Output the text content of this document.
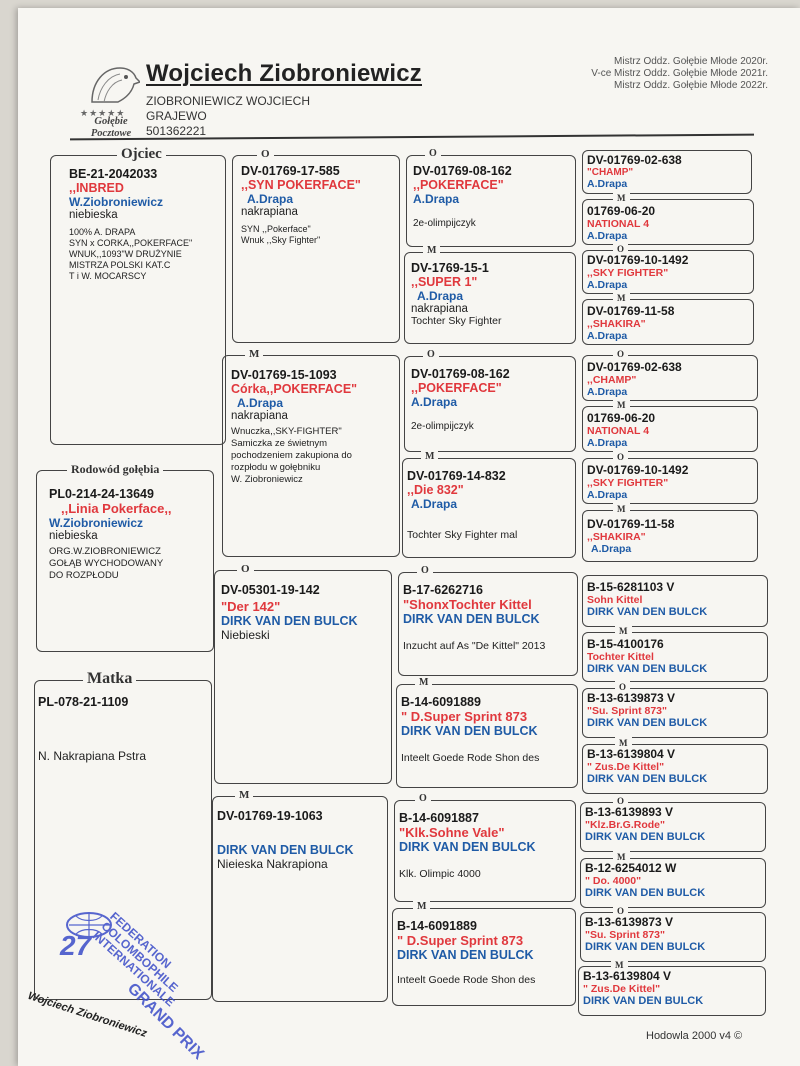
★★★★★
Gołębie Pocztowe
Wojciech Ziobroniewicz
ZIOBRONIEWICZ WOJCIECH
GRAJEWO
501362221
Mistrz Oddz. Gołębie Młode 2020r.
V-ce Mistrz Oddz. Gołębie Młode 2021r.
Mistrz Oddz. Gołębie Młode 2022r.
Ojciec
BE-21-2042033
,,INBRED
W.Ziobroniewicz
niebieska
100% A. DRAPA
SYN x CORKA,,POKERFACE"
WNUK,,1093"W DRUŻYNIE
MISTRZA POLSKI KAT.C
T i W. MOCARSCY
Rodowód gołębia
PL0-214-24-13649
,,Linia Pokerface,,
W.Ziobroniewicz
niebieska
ORG.W.ZIOBRONIEWICZ
GOŁĄB WYCHODOWANY
DO ROZPŁODU
Matka
PL-078-21-1109
N. Nakrapiana Pstra
O
DV-01769-17-585
,,SYN POKERFACE"
A.Drapa
nakrapiana
SYN ,,Pokerface"
Wnuk ,,Sky Fighter"
M
DV-01769-15-1093
Córka,,POKERFACE"
A.Drapa
nakrapiana
Wnuczka,,SKY-FIGHTER"
Samiczka ze świetnym
pochodzeniem zakupiona do
rozpłodu w gołębniku
W. Ziobroniewicz
O
DV-05301-19-142
"Der 142"
DIRK VAN DEN BULCK
Niebieski
M
DV-01769-19-1063
DIRK VAN DEN BULCK
Nieieska Nakrapiona
O
DV-01769-08-162
,,POKERFACE"
A.Drapa
2e-olimpijczyk
M
DV-1769-15-1
,,SUPER 1"
A.Drapa
nakrapiana
Tochter Sky Fighter
O
DV-01769-08-162
,,POKERFACE"
A.Drapa
2e-olimpijczyk
M
DV-01769-14-832
,,Die 832"
A.Drapa
Tochter Sky Fighter mal
O
B-17-6262716
"ShonxTochter Kittel
DIRK VAN DEN BULCK
Inzucht auf As "De Kittel" 2013
M
B-14-6091889
" D.Super Sprint 873
DIRK VAN DEN BULCK
Inteelt Goede Rode Shon des
O
B-14-6091887
"Klk.Sohne Vale"
DIRK VAN DEN BULCK
Klk. Olimpic 4000
M
B-14-6091889
" D.Super Sprint 873
DIRK VAN DEN BULCK
Inteelt Goede Rode Shon des
DV-01769-02-638
"CHAMP"
A.Drapa
M
01769-06-20
NATIONAL 4
A.Drapa
O
DV-01769-10-1492
,,SKY FIGHTER"
A.Drapa
M
DV-01769-11-58
,,SHAKIRA"
A.Drapa
O
DV-01769-02-638
,,CHAMP"
A.Drapa
M
01769-06-20
NATIONAL 4
A.Drapa
O
DV-01769-10-1492
,,SKY FIGHTER"
A.Drapa
M
DV-01769-11-58
,,SHAKIRA"
A.Drapa
B-15-6281103 V
Sohn Kittel
DIRK VAN DEN BULCK
M
B-15-4100176
Tochter Kittel
DIRK VAN DEN BULCK
O
B-13-6139873 V
"Su. Sprint 873"
DIRK VAN DEN BULCK
M
B-13-6139804 V
" Zus.De Kittel"
DIRK VAN DEN BULCK
O
B-13-6139893 V
"Klz.Br.G.Rode"
DIRK VAN DEN BULCK
M
B-12-6254012 W
" Do. 4000"
DIRK VAN DEN BULCK
O
B-13-6139873 V
"Su. Sprint 873"
DIRK VAN DEN BULCK
M
B-13-6139804 V
" Zus.De Kittel"
DIRK VAN DEN BULCK
27	FEDERATION COLOMBOPHILE INTERNATIONALE
GRAND PRIX
Wojciech Ziobroniewicz	Hodowla 2000 v4 ©
